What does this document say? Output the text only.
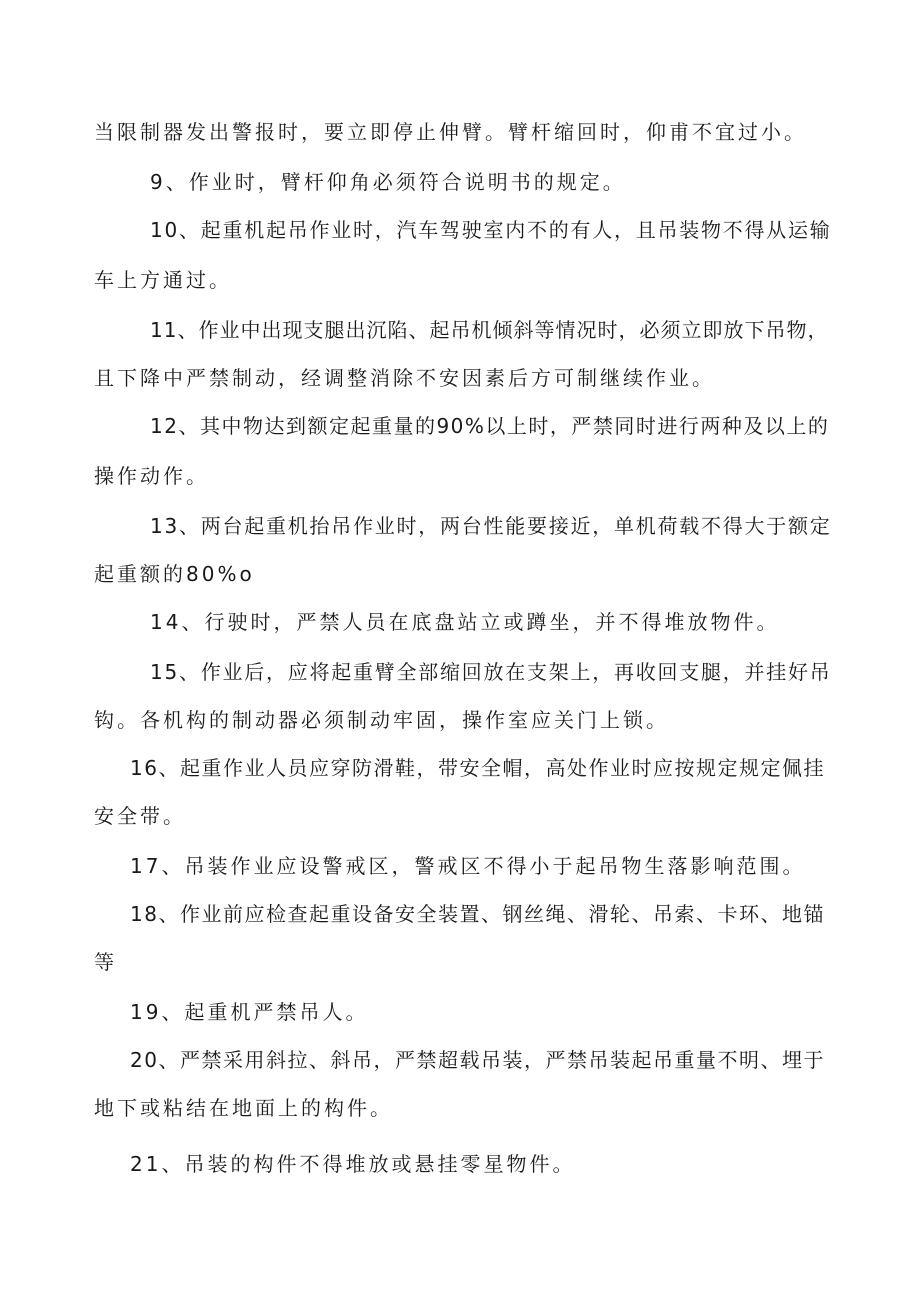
当限制器发出警报时，要立即停止伸臂。臂杆缩回时，仰甫不宜过小。
9、作业时，臂杆仰角必须符合说明书的规定。
10、起重机起吊作业时，汽车驾驶室内不的有人，且吊装物不得从运输
车上方通过。
11、作业中出现支腿出沉陷、起吊机倾斜等情况时，必须立即放下吊物，
且下降中严禁制动，经调整消除不安因素后方可制继续作业。
12、其中物达到额定起重量的90%以上时，严禁同时进行两种及以上的
操作动作。
13、两台起重机抬吊作业时，两台性能要接近，单机荷载不得大于额定
起重额的80%o
14、行驶时，严禁人员在底盘站立或蹲坐，并不得堆放物件。
15、作业后，应将起重臂全部缩回放在支架上，再收回支腿，并挂好吊
钩。各机构的制动器必须制动牢固，操作室应关门上锁。
16、起重作业人员应穿防滑鞋，带安全帽，高处作业时应按规定规定佩挂
安全带。
17、吊装作业应设警戒区，警戒区不得小于起吊物生落影响范围。
18、作业前应检查起重设备安全装置、钢丝绳、滑轮、吊索、卡环、地锚
等
19、起重机严禁吊人。
20、严禁采用斜拉、斜吊，严禁超载吊装，严禁吊装起吊重量不明、埋于
地下或粘结在地面上的构件。
21、吊装的构件不得堆放或悬挂零星物件。
